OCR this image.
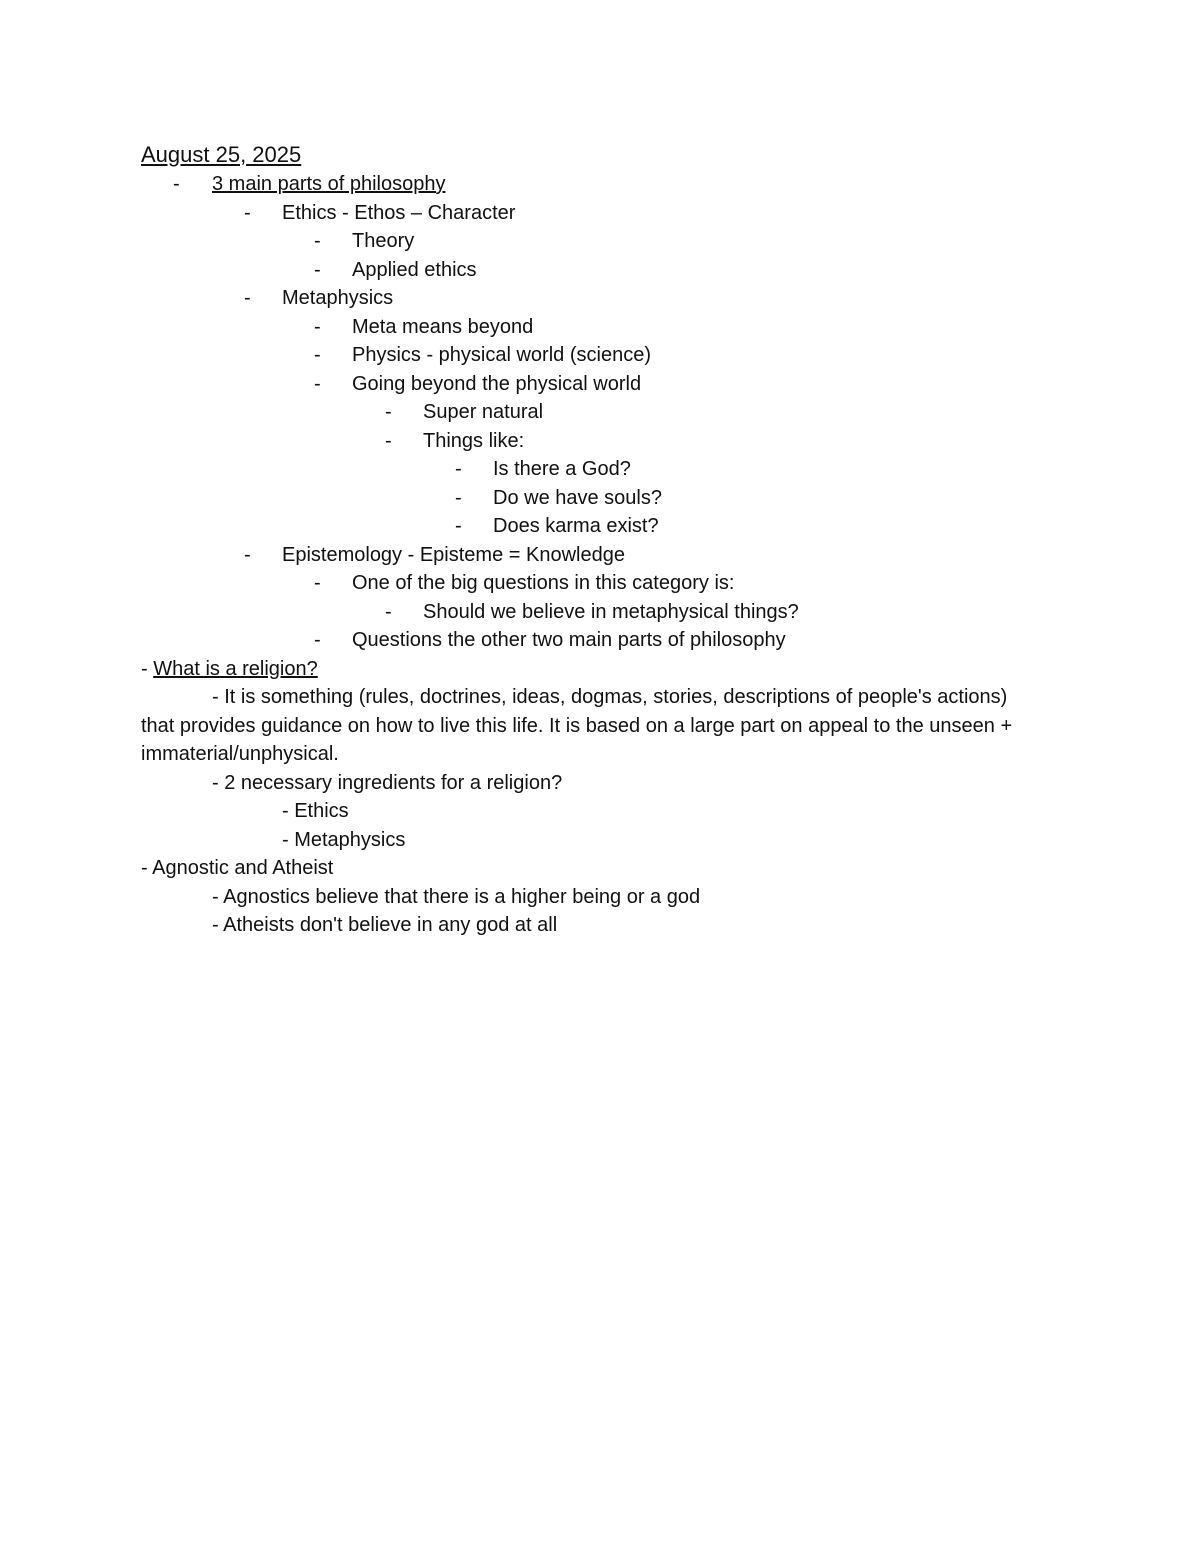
August 25, 2025
- 3 main parts of philosophy
- Ethics - Ethos – Character
- Theory
- Applied ethics
- Metaphysics
- Meta means beyond
- Physics - physical world (science)
- Going beyond the physical world
- Super natural
- Things like:
- Is there a God?
- Do we have souls?
- Does karma exist?
- Epistemology - Episteme = Knowledge
- One of the big questions in this category is:
- Should we believe in metaphysical things?
- Questions the other two main parts of philosophy
- What is a religion?
- It is something (rules, doctrines, ideas, dogmas, stories, descriptions of people's actions) that provides guidance on how to live this life. It is based on a large part on appeal to the unseen + immaterial/unphysical.
- 2 necessary ingredients for a religion?
- Ethics
- Metaphysics
- Agnostic and Atheist
- Agnostics believe that there is a higher being or a god
- Atheists don't believe in any god at all
